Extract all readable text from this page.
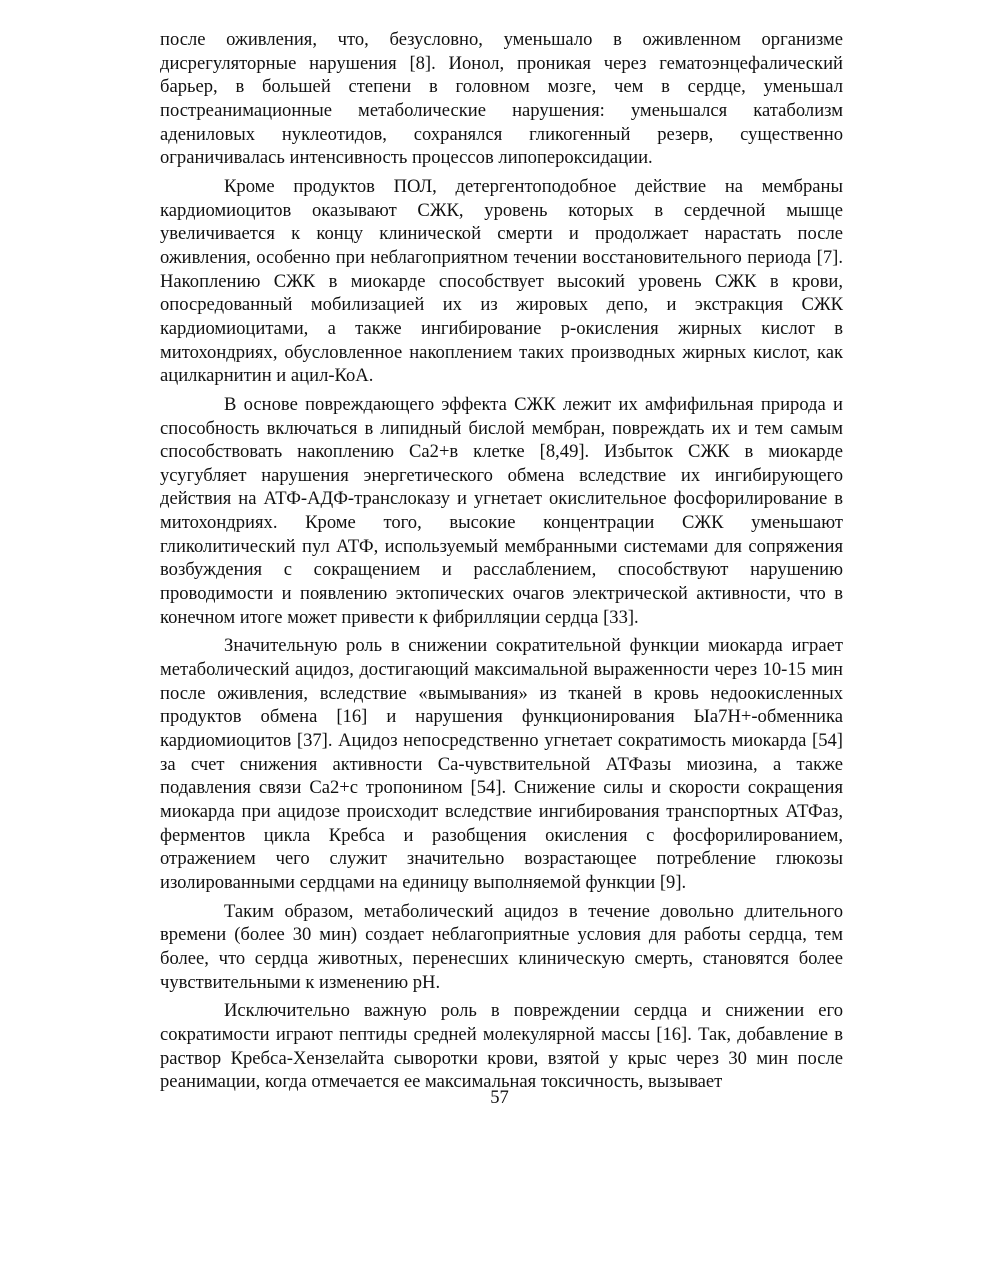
после оживления, что, безусловно, уменьшало в оживленном организме дисрегуляторные нарушения [8]. Ионол, проникая через гематоэнцефалический барьер, в большей степени в головном мозге, чем в сердце, уменьшал постреанимационные метаболические нарушения: уменьшался катаболизм адениловых нуклеотидов, сохранялся гликогенный резерв, существенно ограничивалась интенсивность процессов липопероксидации.

Кроме продуктов ПОЛ, детергентоподобное действие на мембраны кардиомиоцитов оказывают СЖК, уровень которых в сердечной мышце увеличивается к концу клинической смерти и продолжает нарастать после оживления, особенно при неблагоприятном течении восстановительного периода [7]. Накоплению СЖК в миокарде способствует высокий уровень СЖК в крови, опосредованный мобилизацией их из жировых депо, и экстракция СЖК кардиомиоцитами, а также ингибирование р-окисления жирных кислот в митохондриях, обусловленное накоплением таких производных жирных кислот, как ацилкарнитин и ацил-КоА.

В основе повреждающего эффекта СЖК лежит их амфифильная природа и способность включаться в липидный бислой мембран, повреждать их и тем самым способствовать накоплению Са2+в клетке [8,49]. Избыток СЖК в миокарде усугубляет нарушения энергетического обмена вследствие их ингибирующего действия на АТФ-АДФ-транслоказу и угнетает окислительное фосфорилирование в митохондриях. Кроме того, высокие концентрации СЖК уменьшают гликолитический пул АТФ, используемый мембранными системами для сопряжения возбуждения с сокращением и расслаблением, способствуют нарушению проводимости и появлению эктопических очагов электрической активности, что в конечном итоге может привести к фибрилляции сердца [33].

Значительную роль в снижении сократительной функции миокарда играет метаболический ацидоз, достигающий максимальной выраженности через 10-15 мин после оживления, вследствие «вымывания» из тканей в кровь недоокисленных продуктов обмена [16] и нарушения функционирования Ыа7Н+-обменника кардиомиоцитов [37]. Ацидоз непосредственно угнетает сократимость миокарда [54] за счет снижения активности Са-чувствительной АТФазы миозина, а также подавления связи Са2+с тропонином [54]. Снижение силы и скорости сокращения миокарда при ацидозе происходит вследствие ингибирования транспортных АТФаз, ферментов цикла Кребса и разобщения окисления с фосфорилированием, отражением чего служит значительно возрастающее потребление глюкозы изолированными сердцами на единицу выполняемой функции [9].

Таким образом, метаболический ацидоз в течение довольно длительного времени (более 30 мин) создает неблагоприятные условия для работы сердца, тем более, что сердца животных, перенесших клиническую смерть, становятся более чувствительными к изменению рН.

Исключительно важную роль в повреждении сердца и снижении его сократимости играют пептиды средней молекулярной массы [16]. Так, добавление в раствор Кребса-Хензелайта сыворотки крови, взятой у крыс через 30 мин после реанимации, когда отмечается ее максимальная токсичность, вызывает

57
